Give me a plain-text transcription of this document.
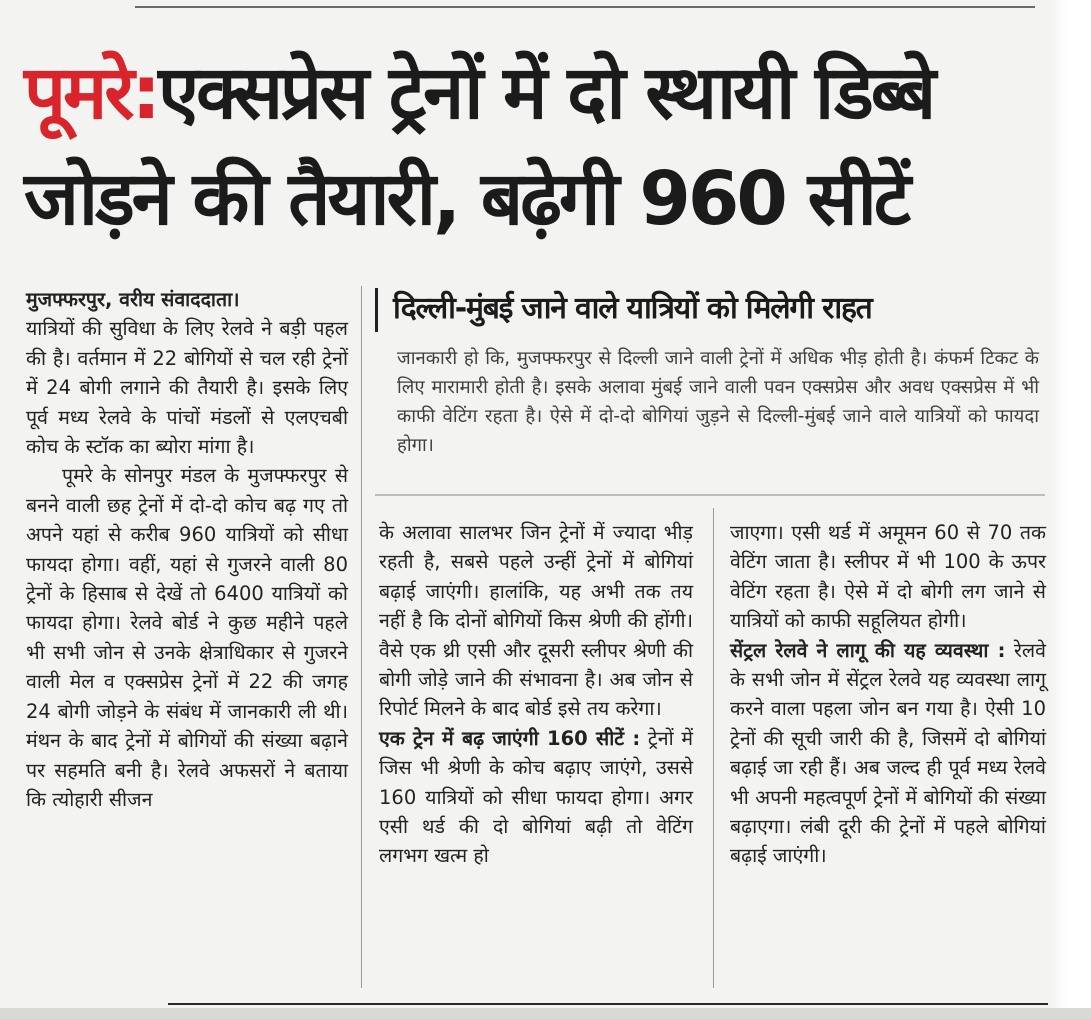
पूमरे:एक्सप्रेस ट्रेनों में दो स्थायी डिब्बे
जोड़ने की तैयारी, बढ़ेगी 960 सीटें

मुजफ्फरपुर, वरीय संवाददाता।

यात्रियों की सुविधा के लिए रेलवे ने बड़ी पहल की है। वर्तमान में 22 बोगियों से चल रही ट्रेनों में 24 बोगी लगाने की तैयारी है। इसके लिए पूर्व मध्य रेलवे के पांचों मंडलों से एलएचबी कोच के स्टॉक का ब्योरा मांगा है।

पूमरे के सोनपुर मंडल के मुजफ्फरपुर से बनने वाली छह ट्रेनों में दो-दो कोच बढ़ गए तो अपने यहां से करीब 960 यात्रियों को सीधा फायदा होगा। वहीं, यहां से गुजरने वाली 80 ट्रेनों के हिसाब से देखें तो 6400 यात्रियों को फायदा होगा। रेलवे बोर्ड ने कुछ महीने पहले भी सभी जोन से उनके क्षेत्राधिकार से गुजरने वाली मेल व एक्सप्रेस ट्रेनों में 22 की जगह 24 बोगी जोड़ने के संबंध में जानकारी ली थी। मंथन के बाद ट्रेनों में बोगियों की संख्या बढ़ाने पर सहमति बनी है। रेलवे अफसरों ने बताया कि त्योहारी सीजन

दिल्ली-मुंबई जाने वाले यात्रियों को मिलेगी राहत
जानकारी हो कि, मुजफ्फरपुर से दिल्ली जाने वाली ट्रेनों में अधिक भीड़ होती है। कंफर्म टिकट के लिए मारामारी होती है। इसके अलावा मुंबई जाने वाली पवन एक्सप्रेस और अवध एक्सप्रेस में भी काफी वेटिंग रहता है। ऐसे में दो-दो बोगियां जुड़ने से दिल्ली-मुंबई जाने वाले यात्रियों को फायदा होगा।

के अलावा सालभर जिन ट्रेनों में ज्यादा भीड़ रहती है, सबसे पहले उन्हीं ट्रेनों में बोगियां बढ़ाई जाएंगी। हालांकि, यह अभी तक तय नहीं है कि दोनों बोगियों किस श्रेणी की होंगी। वैसे एक थ्री एसी और दूसरी स्लीपर श्रेणी की बोगी जोड़े जाने की संभावना है। अब जोन से रिपोर्ट मिलने के बाद बोर्ड इसे तय करेगा।

एक ट्रेन में बढ़ जाएंगी 160 सीटें : ट्रेनों में जिस भी श्रेणी के कोच बढ़ाए जाएंगे, उससे 160 यात्रियों को सीधा फायदा होगा। अगर एसी थर्ड की दो बोगियां बढ़ी तो वेटिंग लगभग खत्म हो

जाएगा। एसी थर्ड में अमूमन 60 से 70 तक वेटिंग जाता है। स्लीपर में भी 100 के ऊपर वेटिंग रहता है। ऐसे में दो बोगी लग जाने से यात्रियों को काफी सहूलियत होगी।

सेंट्रल रेलवे ने लागू की यह व्यवस्था : रेलवे के सभी जोन में सेंट्रल रेलवे यह व्यवस्था लागू करने वाला पहला जोन बन गया है। ऐसी 10 ट्रेनों की सूची जारी की है, जिसमें दो बोगियां बढ़ाई जा रही हैं। अब जल्द ही पूर्व मध्य रेलवे भी अपनी महत्वपूर्ण ट्रेनों में बोगियों की संख्या बढ़ाएगा। लंबी दूरी की ट्रेनों में पहले बोगियां बढ़ाई जाएंगी।
